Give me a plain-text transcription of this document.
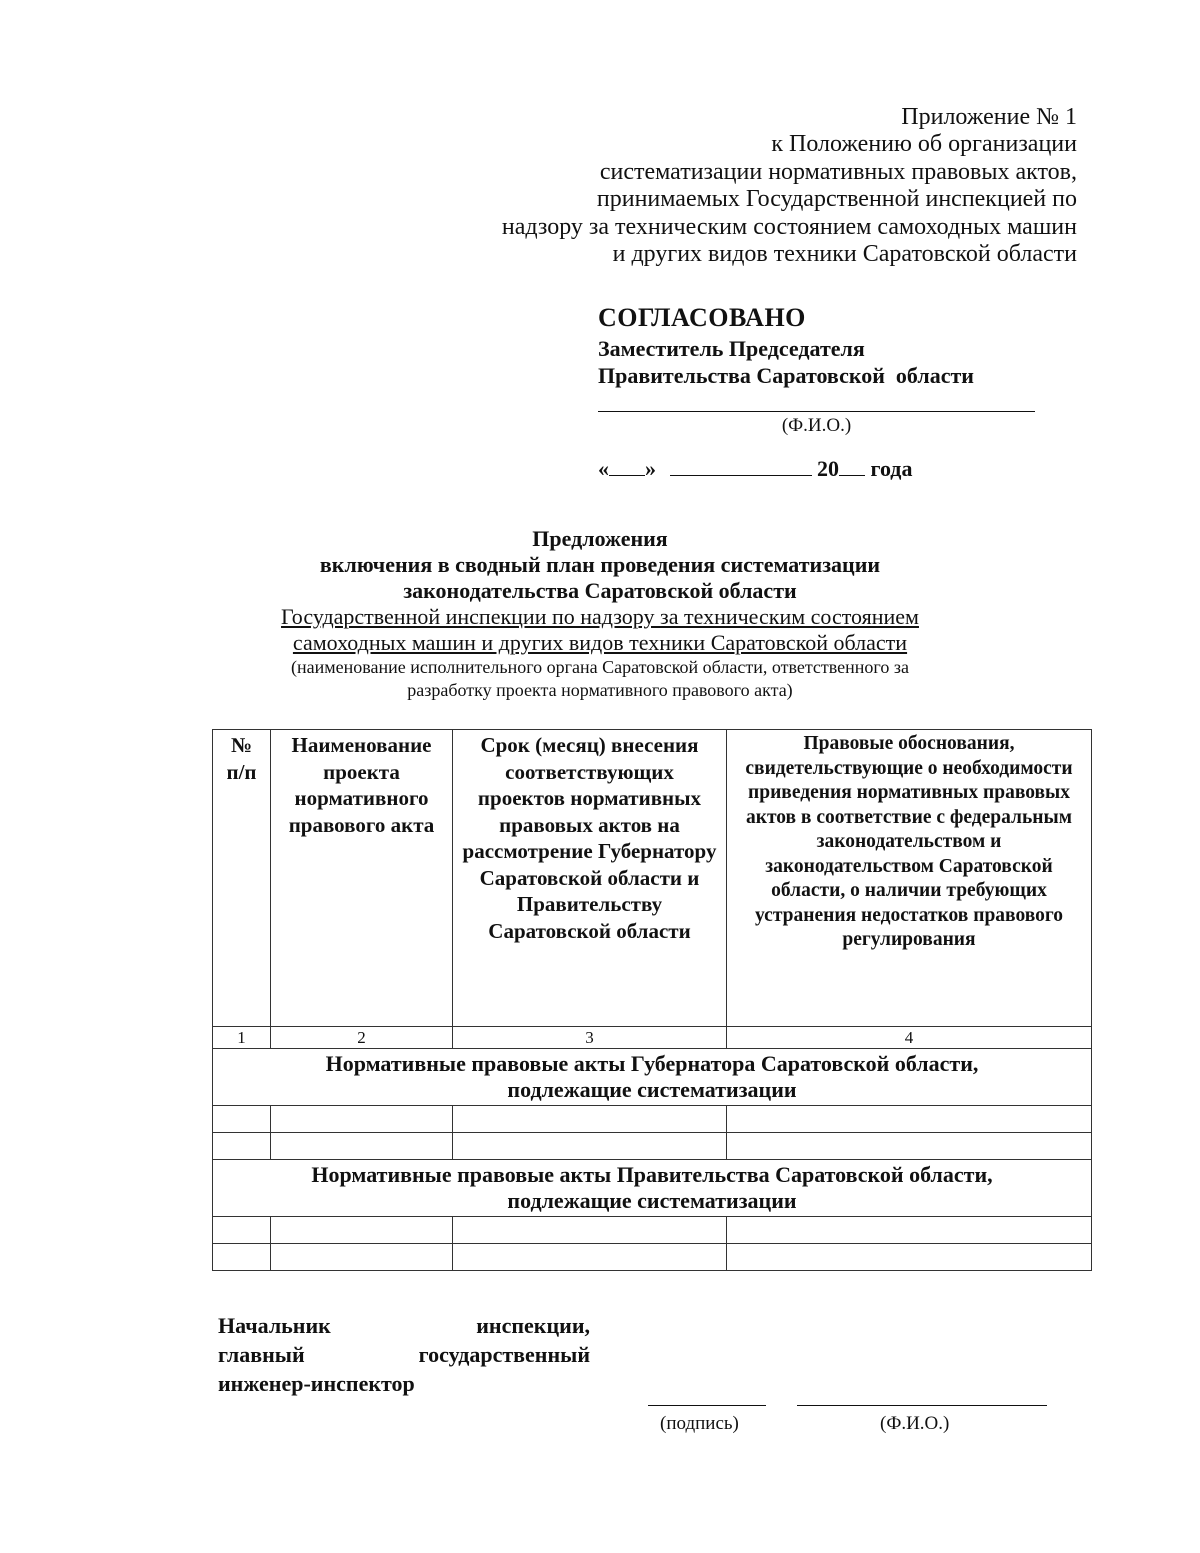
Приложение № 1
к Положению об организации
систематизации нормативных правовых актов,
принимаемых Государственной инспекцией по
надзору за техническим состоянием самоходных машин
и других видов техники Саратовской области
СОГЛАСОВАНО
Заместитель Председателя
Правительства Саратовской  области
(Ф.И.О.)
« »	20 года
Предложения
включения в сводный план проведения систематизации
законодательства Саратовской области
Государственной инспекции по надзору за техническим состоянием
самоходных машин и других видов техники Саратовской области
(наименование исполнительного органа Саратовской области, ответственного за
разработку проекта нормативного правового акта)
№ п/п	Наименование проекта нормативного правового акта	Срок (месяц) внесения соответствующих проектов нормативных правовых актов на рассмотрение Губернатору Саратовской области и Правительству Саратовской области	Правовые обоснования, свидетельствующие о необходимости приведения нормативных правовых актов в соответствие с федеральным законодательством и законодательством Саратовской области, о наличии требующих устранения недостатков правового регулирования
1	2	3	4

Нормативные правовые акты Губернатора Саратовской области,
подлежащие систематизации			

Нормативные правовые акты Правительства Саратовской области,
подлежащие систематизации			

Начальник	инспекции,
главный	государственный
инженер-инспектор
(подпись)	(Ф.И.О.)
